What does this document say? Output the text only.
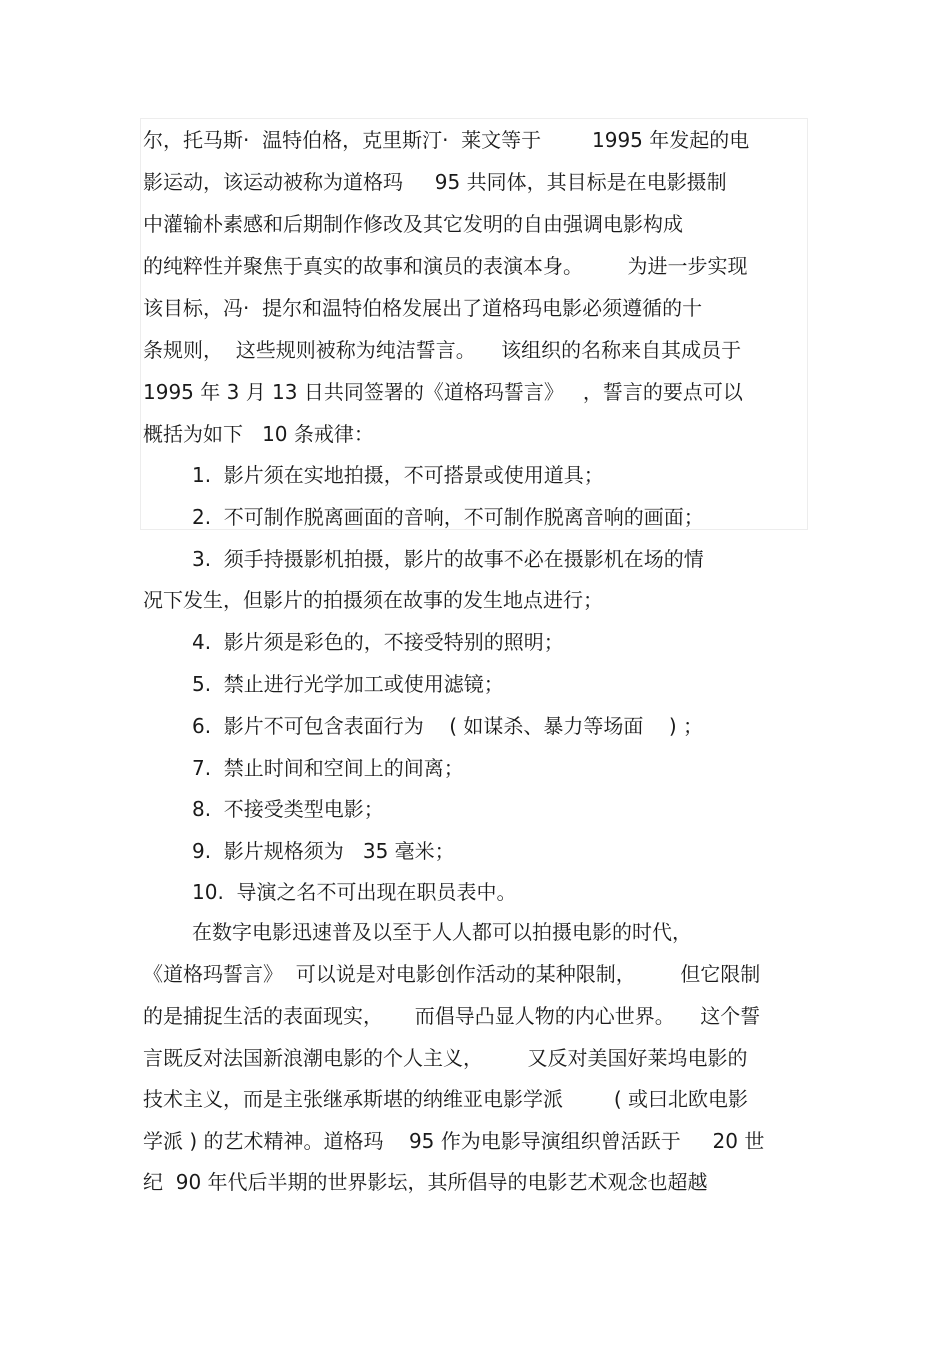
尔，托马斯·  温特伯格，克里斯汀·  莱文等于        1995 年发起的电

影运动，该运动被称为道格玛     95 共同体，其目标是在电影摄制

中灌输朴素感和后期制作修改及其它发明的自由强调电影构成

的纯粹性并聚焦于真实的故事和演员的表演本身。       为进一步实现

该目标，冯·  提尔和温特伯格发展出了道格玛电影必须遵循的十

条规则，  这些规则被称为纯洁誓言。    该组织的名称来自其成员于

1995 年 3 月 13 日共同签署的《道格玛誓言》   ，誓言的要点可以

概括为如下   10 条戒律：

1.  影片须在实地拍摄，不可搭景或使用道具；

2.  不可制作脱离画面的音响，不可制作脱离音响的画面；

3.  须手持摄影机拍摄，影片的故事不必在摄影机在场的情

况下发生，但影片的拍摄须在故事的发生地点进行；

4.  影片须是彩色的，不接受特别的照明；

5.  禁止进行光学加工或使用滤镜；

6.  影片不可包含表面行为    ( 如谋杀、暴力等场面    ) ；

7.  禁止时间和空间上的间离；

8.  不接受类型电影；

9.  影片规格须为   35 毫米；

10.  导演之名不可出现在职员表中。

在数字电影迅速普及以至于人人都可以拍摄电影的时代，

《道格玛誓言》  可以说是对电影创作活动的某种限制，       但它限制

的是捕捉生活的表面现实，     而倡导凸显人物的内心世界。    这个誓

言既反对法国新浪潮电影的个人主义，       又反对美国好莱坞电影的

技术主义，而是主张继承斯堪的纳维亚电影学派        ( 或曰北欧电影

学派 ) 的艺术精神。道格玛    95 作为电影导演组织曾活跃于     20 世

纪  90 年代后半期的世界影坛，其所倡导的电影艺术观念也超越
